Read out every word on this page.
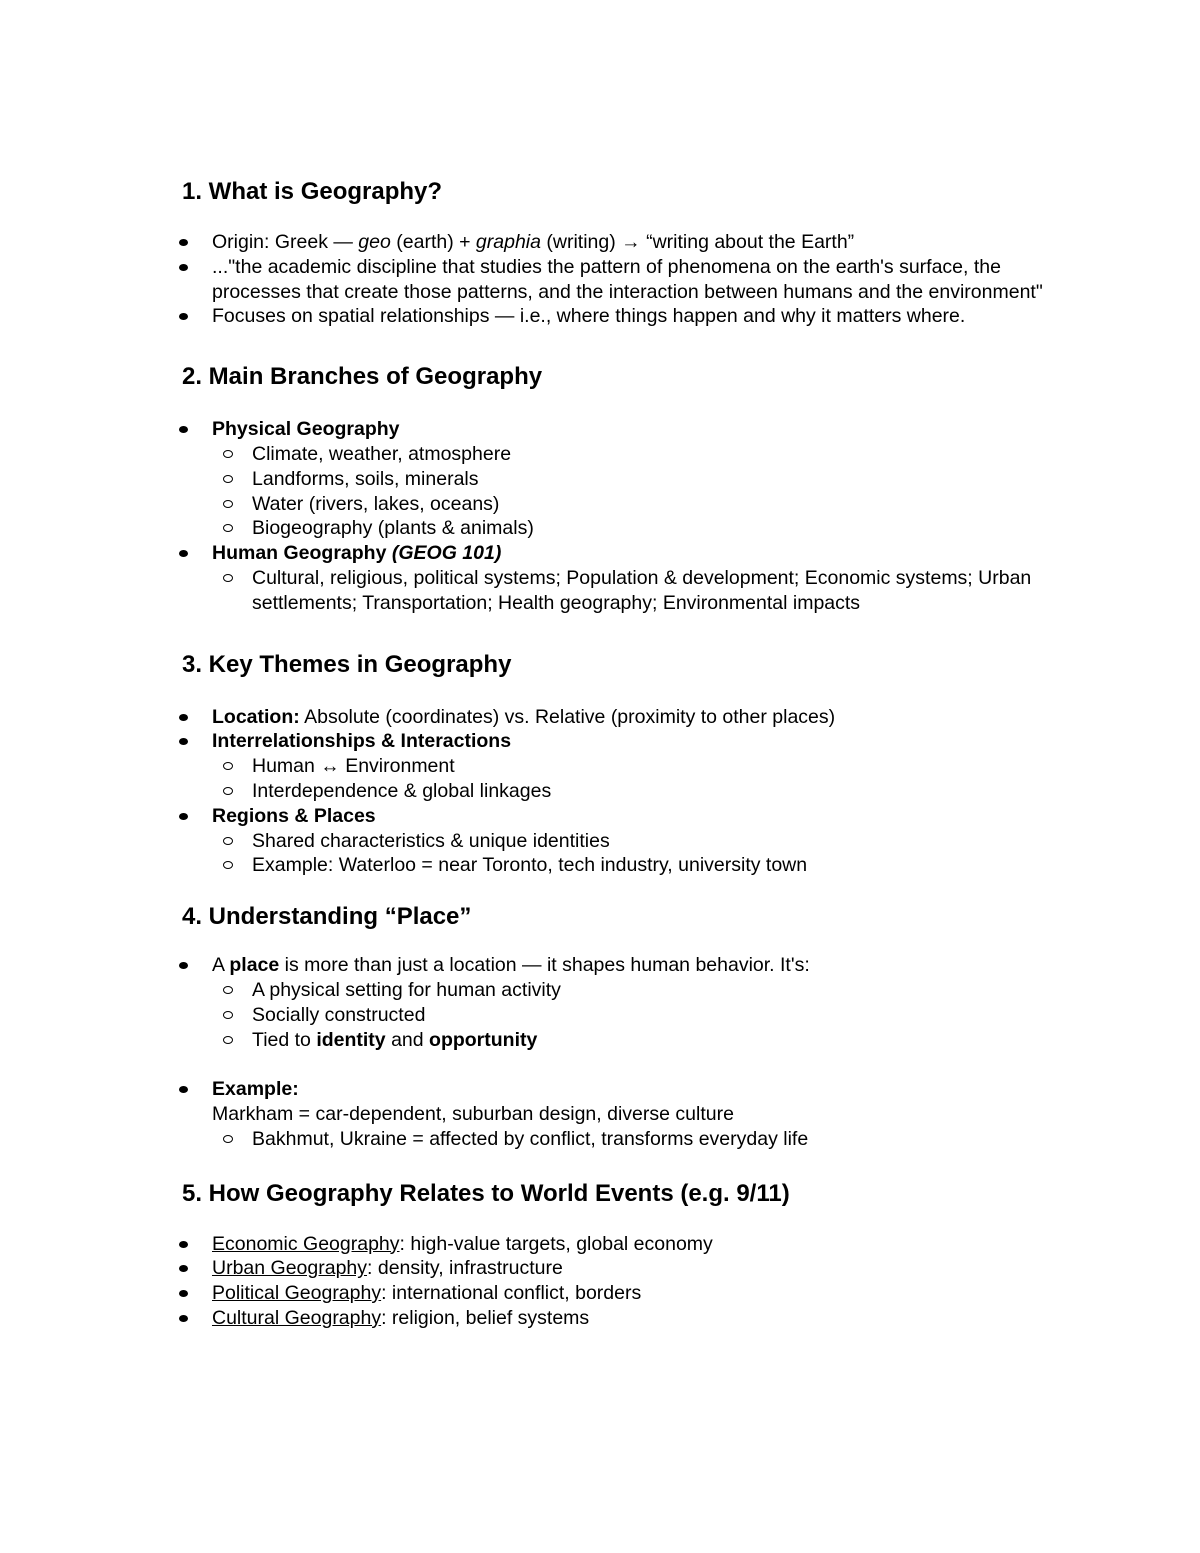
1. What is Geography?
Origin: Greek — geo (earth) + graphia (writing) → “writing about the Earth”
..."the academic discipline that studies the pattern of phenomena on the earth's surface, the processes that create those patterns, and the interaction between humans and the environment"
Focuses on spatial relationships — i.e., where things happen and why it matters where.
2. Main Branches of Geography
Physical Geography
Climate, weather, atmosphere
Landforms, soils, minerals
Water (rivers, lakes, oceans)
Biogeography (plants & animals)
Human Geography (GEOG 101)
Cultural, religious, political systems; Population & development; Economic systems; Urban settlements; Transportation; Health geography; Environmental impacts
3. Key Themes in Geography
Location: Absolute (coordinates) vs. Relative (proximity to other places)
Interrelationships & Interactions
Human ↔ Environment
Interdependence & global linkages
Regions & Places
Shared characteristics & unique identities
Example: Waterloo = near Toronto, tech industry, university town
4. Understanding “Place”
A place is more than just a location — it shapes human behavior. It's:
A physical setting for human activity
Socially constructed
Tied to identity and opportunity
Example:
Markham = car-dependent, suburban design, diverse culture
Bakhmut, Ukraine = affected by conflict, transforms everyday life
5. How Geography Relates to World Events (e.g. 9/11)
Economic Geography: high-value targets, global economy
Urban Geography: density, infrastructure
Political Geography: international conflict, borders
Cultural Geography: religion, belief systems
